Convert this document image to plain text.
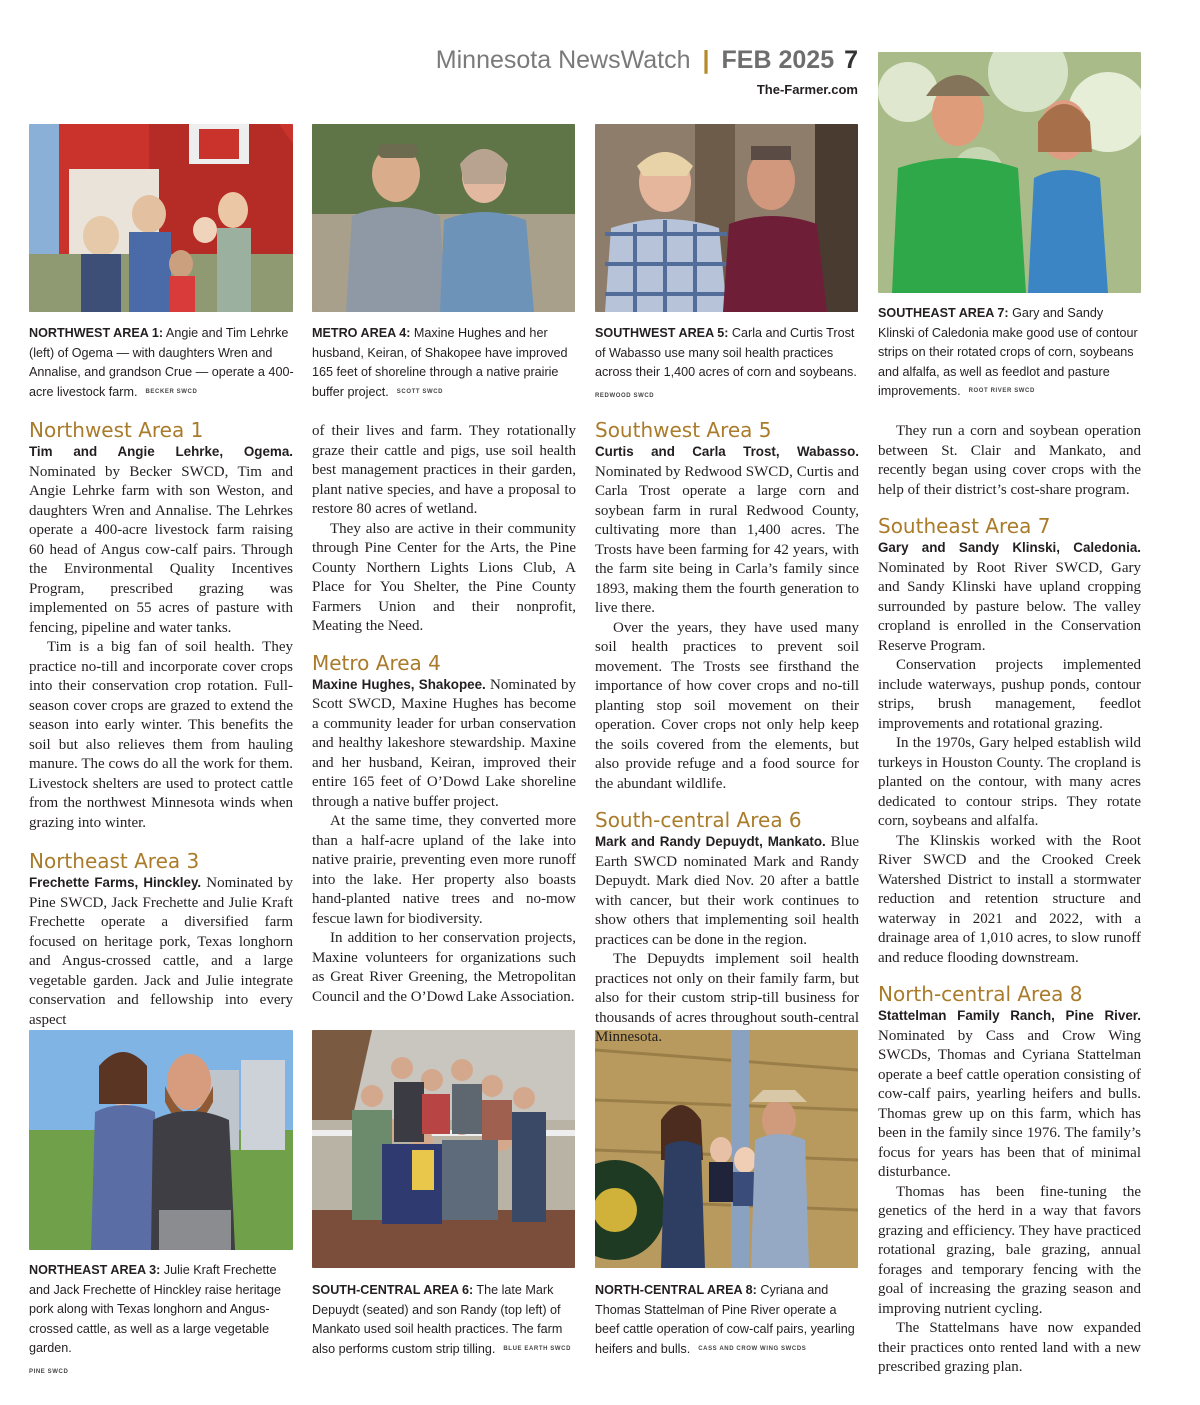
Minnesota NewsWatch | FEB 2025 7
The-Farmer.com
NORTHWEST AREA 1: Angie and Tim Lehrke (left) of Ogema — with daughters Wren and Annalise, and grandson Crue — operate a 400-acre livestock farm. BECKER SWCD
METRO AREA 4: Maxine Hughes and her husband, Keiran, of Shakopee have improved 165 feet of shoreline through a native prairie buffer project. SCOTT SWCD
SOUTHWEST AREA 5: Carla and Curtis Trost of Wabasso use many soil health practices across their 1,400 acres of corn and soybeans.
REDWOOD SWCD
SOUTHEAST AREA 7: Gary and Sandy Klinski of Caledonia make good use of contour strips on their rotated crops of corn, soybeans and alfalfa, as well as feedlot and pasture improvements. ROOT RIVER SWCD
NORTHEAST AREA 3: Julie Kraft Frechette and Jack Frechette of Hinckley raise heritage pork along with Texas longhorn and Angus-crossed cattle, as well as a large vegetable garden.
PINE SWCD
SOUTH-CENTRAL AREA 6: The late Mark Depuydt (seated) and son Randy (top left) of Mankato used soil health practices. The farm also performs custom strip tilling. BLUE EARTH SWCD
NORTH-CENTRAL AREA 8: Cyriana and Thomas Stattelman of Pine River operate a beef cattle operation of cow-calf pairs, yearling heifers and bulls. CASS AND CROW WING SWCDS
Northwest Area 1

Tim and Angie Lehrke, Ogema. Nominated by Becker SWCD, Tim and Angie Lehrke farm with son Weston, and daughters Wren and Annalise. The Lehrkes operate a 400-acre livestock farm raising 60 head of Angus cow-calf pairs. Through the Environmental Quality Incentives Program, prescribed grazing was implemented on 55 acres of pasture with fencing, pipeline and water tanks.

Tim is a big fan of soil health. They practice no-till and incorporate cover crops into their conservation crop rotation. Full-season cover crops are grazed to extend the season into early winter. This benefits the soil but also relieves them from hauling manure. The cows do all the work for them. Livestock shelters are used to protect cattle from the northwest Minnesota winds when grazing into winter.

Northeast Area 3

Frechette Farms, Hinckley. Nominated by Pine SWCD, Jack Frechette and Julie Kraft Frechette operate a diversified farm focused on heritage pork, Texas longhorn and Angus-crossed cattle, and a large vegetable garden. Jack and Julie integrate conservation and fellowship into every aspect

of their lives and farm. They rotationally graze their cattle and pigs, use soil health best management practices in their garden, plant native species, and have a proposal to restore 80 acres of wetland.

They also are active in their community through Pine Center for the Arts, the Pine County Northern Lights Lions Club, A Place for You Shelter, the Pine County Farmers Union and their nonprofit, Meating the Need.

Metro Area 4

Maxine Hughes, Shakopee. Nominated by Scott SWCD, Maxine Hughes has become a community leader for urban conservation and healthy lakeshore stewardship. Maxine and her husband, Keiran, improved their entire 165 feet of O’Dowd Lake shoreline through a native buffer project.

At the same time, they converted more than a half-acre upland of the lake into native prairie, preventing even more runoff into the lake. Her property also boasts hand-planted native trees and no-mow fescue lawn for biodiversity.

In addition to her conservation projects, Maxine volunteers for organizations such as Great River Greening, the Metropolitan Council and the O’Dowd Lake Association.

Southwest Area 5

Curtis and Carla Trost, Wabasso. Nominated by Redwood SWCD, Curtis and Carla Trost operate a large corn and soybean farm in rural Redwood County, cultivating more than 1,400 acres. The Trosts have been farming for 42 years, with the farm site being in Carla’s family since 1893, making them the fourth generation to live there.

Over the years, they have used many soil health practices to prevent soil movement. The Trosts see firsthand the importance of how cover crops and no-till planting stop soil movement on their operation. Cover crops not only help keep the soils covered from the elements, but also provide refuge and a food source for the abundant wildlife.

South-central Area 6

Mark and Randy Depuydt, Mankato. Blue Earth SWCD nominated Mark and Randy Depuydt. Mark died Nov. 20 after a battle with cancer, but their work continues to show others that implementing soil health practices can be done in the region.

The Depuydts implement soil health practices not only on their family farm, but also for their custom strip-till business for thousands of acres throughout south-central Minnesota.

They run a corn and soybean operation between St. Clair and Mankato, and recently began using cover crops with the help of their district’s cost-share program.

Southeast Area 7

Gary and Sandy Klinski, Caledonia. Nominated by Root River SWCD, Gary and Sandy Klinski have upland cropping surrounded by pasture below. The valley cropland is enrolled in the Conservation Reserve Program.

Conservation projects implemented include waterways, pushup ponds, contour strips, brush management, feedlot improvements and rotational grazing.

In the 1970s, Gary helped establish wild turkeys in Houston County. The cropland is planted on the contour, with many acres dedicated to contour strips. They rotate corn, soybeans and alfalfa.

The Klinskis worked with the Root River SWCD and the Crooked Creek Watershed District to install a stormwater reduction and retention structure and waterway in 2021 and 2022, with a drainage area of 1,010 acres, to slow runoff and reduce flooding downstream.

North-central Area 8

Stattelman Family Ranch, Pine River. Nominated by Cass and Crow Wing SWCDs, Thomas and Cyriana Stattelman operate a beef cattle operation consisting of cow-calf pairs, yearling heifers and bulls. Thomas grew up on this farm, which has been in the family since 1976. The family’s focus for years has been that of minimal disturbance.

Thomas has been fine-tuning the genetics of the herd in a way that favors grazing and efficiency. They have practiced rotational grazing, bale grazing, annual forages and temporary fencing with the goal of increasing the grazing season and improving nutrient cycling.

The Stattelmans have now expanded their practices onto rented land with a new prescribed grazing plan.
